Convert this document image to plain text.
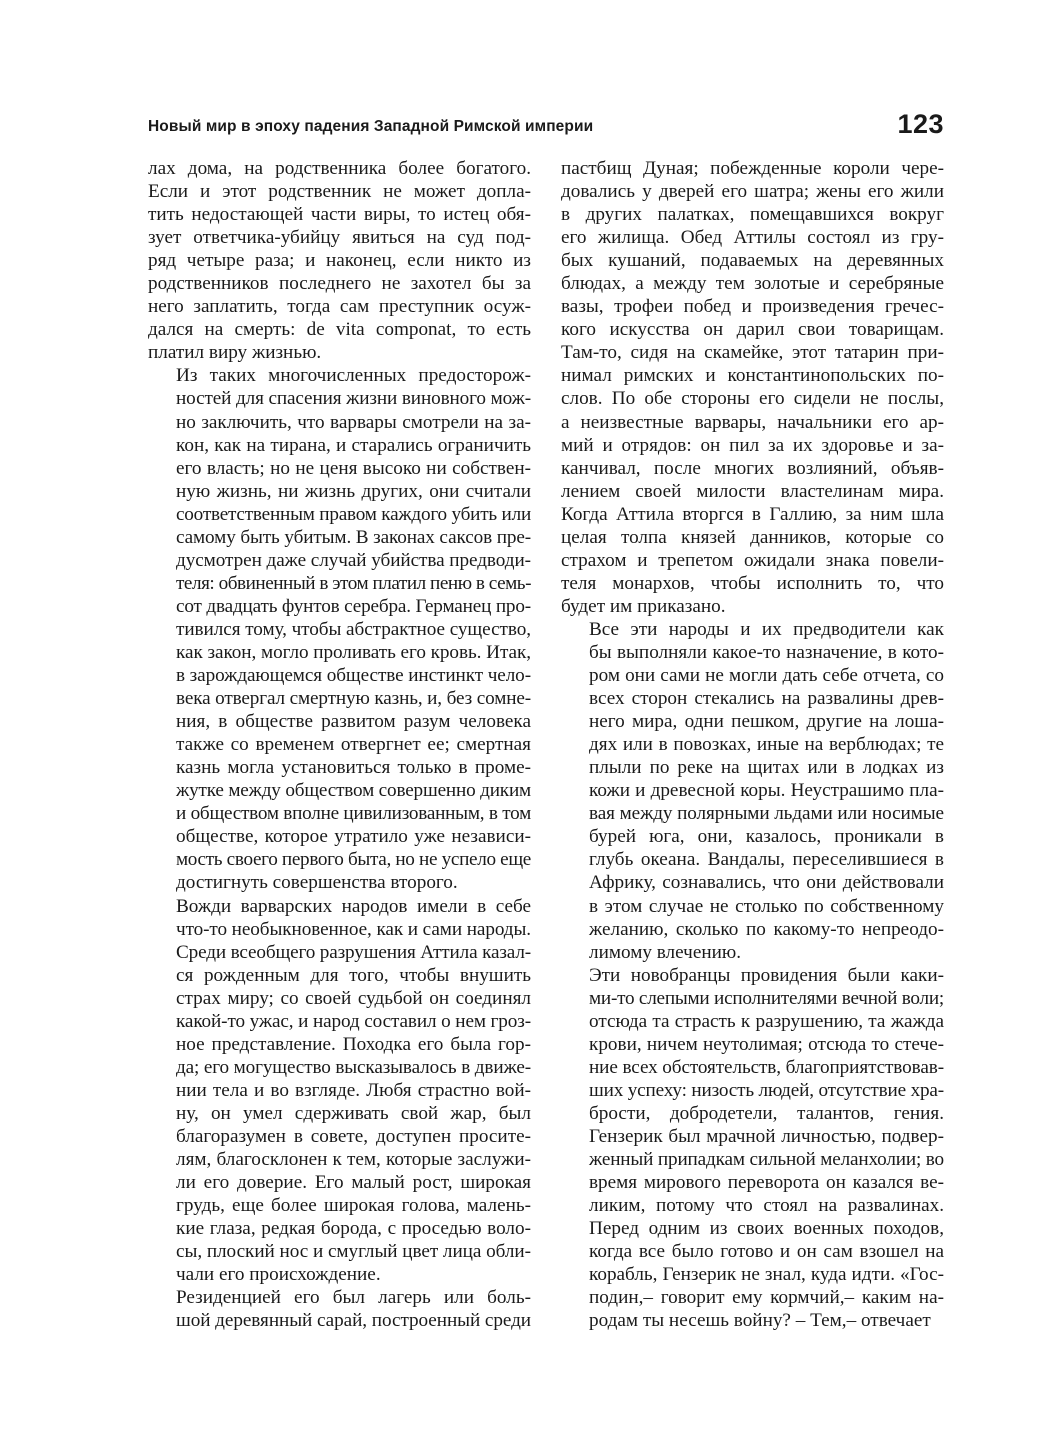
Новый мир в эпоху падения Западной Римской империи	123

лах дома, на родственника более богатого.
Если и этот родственник не может допла-
тить недостающей части виры, то истец обя-
зует ответчика-убийцу явиться на суд под-
ряд четыре раза; и наконец, если никто из
родственников последнего не захотел бы за
него заплатить, тогда сам преступник осуж-
дался на смерть: de vita componat, то есть
платил виру жизнью.

Из таких многочисленных предосторож-
ностей для спасения жизни виновного мож-
но заключить, что варвары смотрели на за-
кон, как на тирана, и старались ограничить
его власть; но не ценя высоко ни собствен-
ную жизнь, ни жизнь других, они считали
соответственным правом каждого убить или
самому быть убитым. В законах саксов пре-
дусмотрен даже случай убийства предводи-
теля: обвиненный в этом платил пеню в семь-
сот двадцать фунтов серебра. Германец про-
тивился тому, чтобы абстрактное существо,
как закон, могло проливать его кровь. Итак,
в зарождающемся обществе инстинкт чело-
века отвергал смертную казнь, и, без сомне-
ния, в обществе развитом разум человека
также со временем отвергнет ее; смертная
казнь могла установиться только в проме-
жутке между обществом совершенно диким
и обществом вполне цивилизованным, в том
обществе, которое утратило уже независи-
мость своего первого быта, но не успело еще
достигнуть совершенства второго.

Вожди варварских народов имели в себе
что-то необыкновенное, как и сами народы.
Среди всеобщего разрушения Аттила казал-
ся рожденным для того, чтобы внушить
страх миру; со своей судьбой он соединял
какой-то ужас, и народ составил о нем гроз-
ное представление. Походка его была гор-
да; его могущество высказывалось в движе-
нии тела и во взгляде. Любя страстно вой-
ну, он умел сдерживать свой жар, был
благоразумен в совете, доступен просите-
лям, благосклонен к тем, которые заслужи-
ли его доверие. Его малый рост, широкая
грудь, еще более широкая голова, малень-
кие глаза, редкая борода, с проседью воло-
сы, плоский нос и смуглый цвет лица обли-
чали его происхождение.

Резиденцией его был лагерь или боль-
шой деревянный сарай, построенный среди

пастбищ Дуная; побежденные короли чере-
довались у дверей его шатра; жены его жили
в других палатках, помещавшихся вокруг
его жилища. Обед Аттилы состоял из гру-
бых кушаний, подаваемых на деревянных
блюдах, а между тем золотые и серебряные
вазы, трофеи побед и произведения гречес-
кого искусства он дарил свои товарищам.
Там-то, сидя на скамейке, этот татарин при-
нимал римских и константинопольских по-
слов. По обе стороны его сидели не послы,
а неизвестные варвары, начальники его ар-
мий и отрядов: он пил за их здоровье и за-
канчивал, после многих возлияний, объяв-
лением своей милости властелинам мира.
Когда Аттила вторгся в Галлию, за ним шла
целая толпа князей данников, которые со
страхом и трепетом ожидали знака повели-
теля монархов, чтобы исполнить то, что
будет им приказано.

Все эти народы и их предводители как
бы выполняли какое-то назначение, в кото-
ром они сами не могли дать себе отчета, со
всех сторон стекались на развалины древ-
него мира, одни пешком, другие на лоша-
дях или в повозках, иные на верблюдах; те
плыли по реке на щитах или в лодках из
кожи и древесной коры. Неустрашимо пла-
вая между полярными льдами или носимые
бурей юга, они, казалось, проникали в
глубь океана. Вандалы, переселившиеся в
Африку, сознавались, что они действовали
в этом случае не столько по собственному
желанию, сколько по какому-то непреодо-
лимому влечению.

Эти новобранцы провидения были каки-
ми-то слепыми исполнителями вечной воли;
отсюда та страсть к разрушению, та жажда
крови, ничем неутолимая; отсюда то стече-
ние всех обстоятельств, благоприятствовав-
ших успеху: низость людей, отсутствие хра-
брости, добродетели, талантов, гения.
Гензерик был мрачной личностью, подвер-
женный припадкам сильной меланхолии; во
время мирового переворота он казался ве-
ликим, потому что стоял на развалинах.
Перед одним из своих военных походов,
когда все было готово и он сам взошел на
корабль, Гензерик не знал, куда идти. «Гос-
подин,– говорит ему кормчий,– каким на-
родам ты несешь войну? – Тем,– отвечает
